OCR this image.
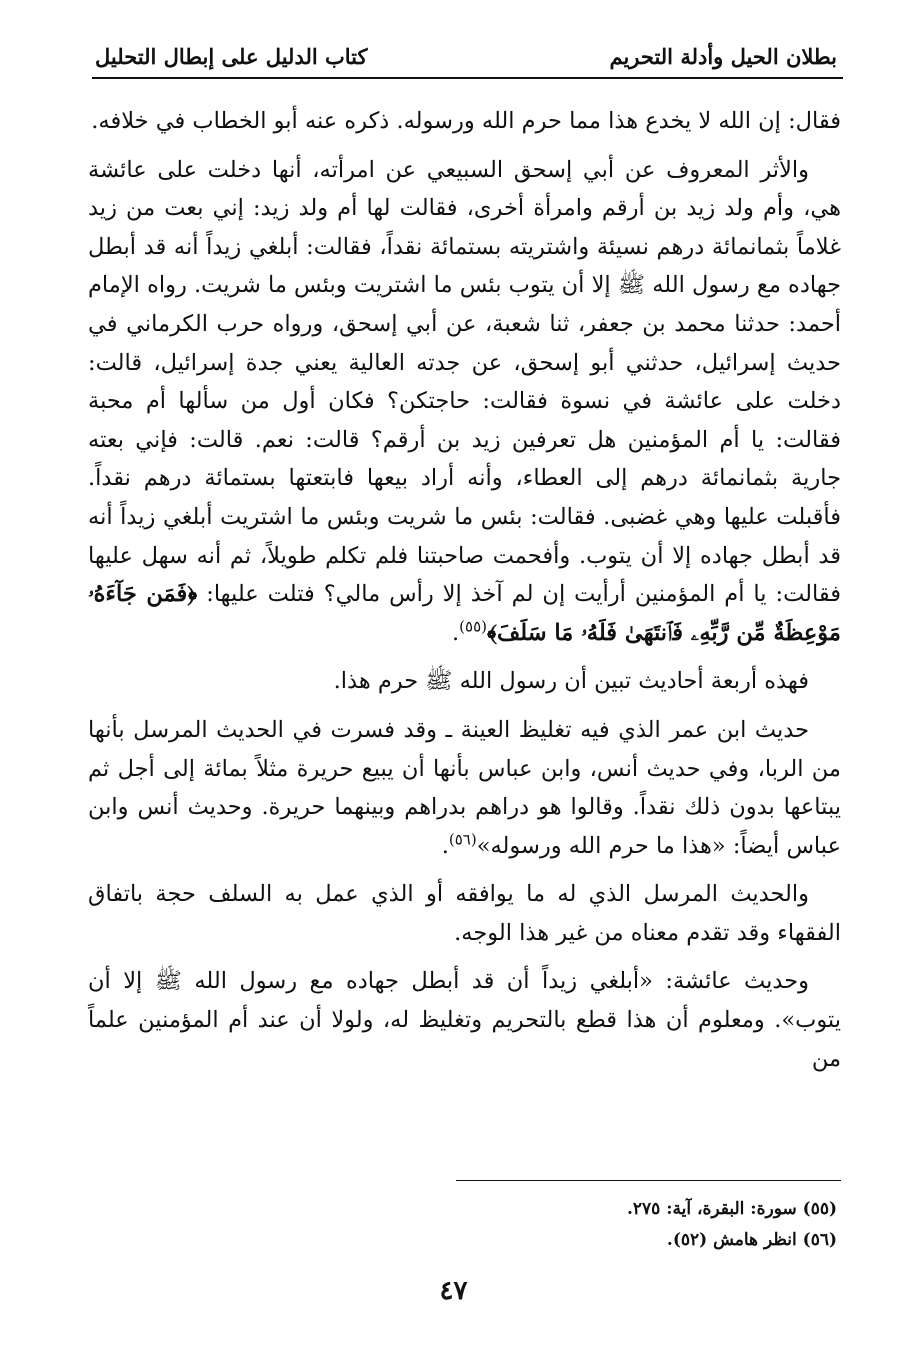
بطلان الحيل وأدلة التحريم
كتاب الدليل على إبطال التحليل

فقال: إن الله لا يخدع هذا مما حرم الله ورسوله. ذكره عنه أبو الخطاب في خلافه.

والأثر المعروف عن أبي إسحق السبيعي عن امرأته، أنها دخلت على عائشة هي، وأم ولد زيد بن أرقم وامرأة أخرى، فقالت لها أم ولد زيد: إني بعت من زيد غلاماً بثمانمائة درهم نسيئة واشتريته بستمائة نقداً، فقالت: أبلغي زيداً أنه قد أبطل جهاده مع رسول الله ﷺ إلا أن يتوب بئس ما اشتريت وبئس ما شريت. رواه الإمام أحمد: حدثنا محمد بن جعفر، ثنا شعبة، عن أبي إسحق، ورواه حرب الكرماني في حديث إسرائيل، حدثني أبو إسحق، عن جدته العالية يعني جدة إسرائيل، قالت: دخلت على عائشة في نسوة فقالت: حاجتكن؟ فكان أول من سألها أم محبة فقالت: يا أم المؤمنين هل تعرفين زيد بن أرقم؟ قالت: نعم. قالت: فإني بعته جارية بثمانمائة درهم إلى العطاء، وأنه أراد بيعها فابتعتها بستمائة درهم نقداً. فأقبلت عليها وهي غضبى. فقالت: بئس ما شريت وبئس ما اشتريت أبلغي زيداً أنه قد أبطل جهاده إلا أن يتوب. وأفحمت صاحبتنا فلم تكلم طويلاً، ثم أنه سهل عليها فقالت: يا أم المؤمنين أرأيت إن لم آخذ إلا رأس مالي؟ فتلت عليها: ﴿فَمَن جَآءَهُۥ مَوْعِظَةٌ مِّن رَّبِّهِۦ فَٱنتَهَىٰ فَلَهُۥ مَا سَلَفَ﴾$^{(٥٥)}$.

فهذه أربعة أحاديث تبين أن رسول الله ﷺ حرم هذا.

حديث ابن عمر الذي فيه تغليظ العينة ـ وقد فسرت في الحديث المرسل بأنها من الربا، وفي حديث أنس، وابن عباس بأنها أن يبيع حريرة مثلاً بمائة إلى أجل ثم يبتاعها بدون ذلك نقداً. وقالوا هو دراهم بدراهم وبينهما حريرة. وحديث أنس وابن عباس أيضاً: «هذا ما حرم الله ورسوله»$^{(٥٦)}$.

والحديث المرسل الذي له ما يوافقه أو الذي عمل به السلف حجة باتفاق الفقهاء وقد تقدم معناه من غير هذا الوجه.

وحديث عائشة: «أبلغي زيداً أن قد أبطل جهاده مع رسول الله ﷺ إلا أن يتوب». ومعلوم أن هذا قطع بالتحريم وتغليظ له، ولولا أن عند أم المؤمنين علماً من

(٥٥) سورة: البقرة، آية: ٢٧٥.
(٥٦) انظر هامش (٥٢).
٤٧
